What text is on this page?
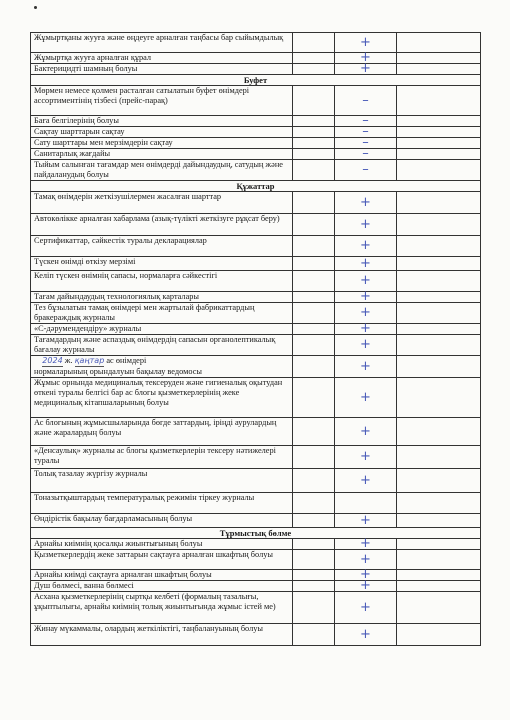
Жұмыртқаны жууға және өңдеуге арналған таңбасы бар сыйымдылық		+	
Жұмыртқа жууға арналған құрал		+	
Бактерицидті шамның болуы		+	
Буфет			
Мөрмен немесе қолмен расталған сатылатын буфет өнімдері ассортиментінің тізбесі (прейс-парақ)		–	
Баға белгілерінің болуы		–	
Сақтау шарттарын сақтау		–	
Сату шарттары мен мерзімдерін сақтау		–	
Санитарлық жағдайы		–	
Тыйым салынған тағамдар мен өнімдерді дайындаудың, сатудың және пайдаланудың болуы		–	
Құжаттар			
Тамақ өнімдерін жеткізушілермен жасалған шарттар		+	
Автокөлікке арналған хабарлама (азық-түлікті жеткізуге рұқсат беру)		+	
Сертификаттар, сәйкестік туралы декларациялар		+	
Түскен өнімді өткізу мерзімі		+	
Келіп түскен өнімнің сапасы, нормаларға сәйкестігі		+	
Тағам дайындаудың технологиялық карталары		+	
Тез бұзылатын тамақ өнімдері мен жартылай фабрикаттардың бракераждық журналы		+	
«С-дәрумендендіру» журналы		+	
Тағамдардың және аспаздық өнімдердің сапасын органолептикалық бағалау журналы		+	
2024 ж. қаңтар ас өнімдері
нормаларының орындалуын бақылау ведомосы		+	
Жұмыс орнында медициналық тексеруден және гигиеналық оқытудан өткені туралы белгісі бар ас блогы қызметкерлерінің жеке медициналық кітапшаларының болуы		+	
Ас блогының жұмысшыларында бөгде заттардың, іріңді аурулардың және жаралардың болуы		+	
«Денсаулық» журналы ас блогы қызметкерлерін тексеру нәтижелері туралы		+	
Толық тазалау жүргізу журналы		+	
Тоназытқыштардың температуралық режимін тіркеу журналы			
Өндірістік бақылау бағдарламасының болуы		+	
Тұрмыстық бөлме			
Арнайы киімнің қосалқы жиынтығының болуы		+	
Қызметкерлердің жеке заттарын сақтауға арналған шкафтың болуы		+	
Арнайы киімді сақтауға арналған шкафтың болуы		+	
Душ бөлмесі, ванна бөлмесі		+	
Асхана қызметкерлерінің сыртқы келбеті (формалың тазалығы, ұқыптылығы, арнайы киімнің толық жиынтығында жұмыс істей ме)		+	
Жинау мүкаммалы, олардың жеткіліктігі, таңбалануының болуы		+	
